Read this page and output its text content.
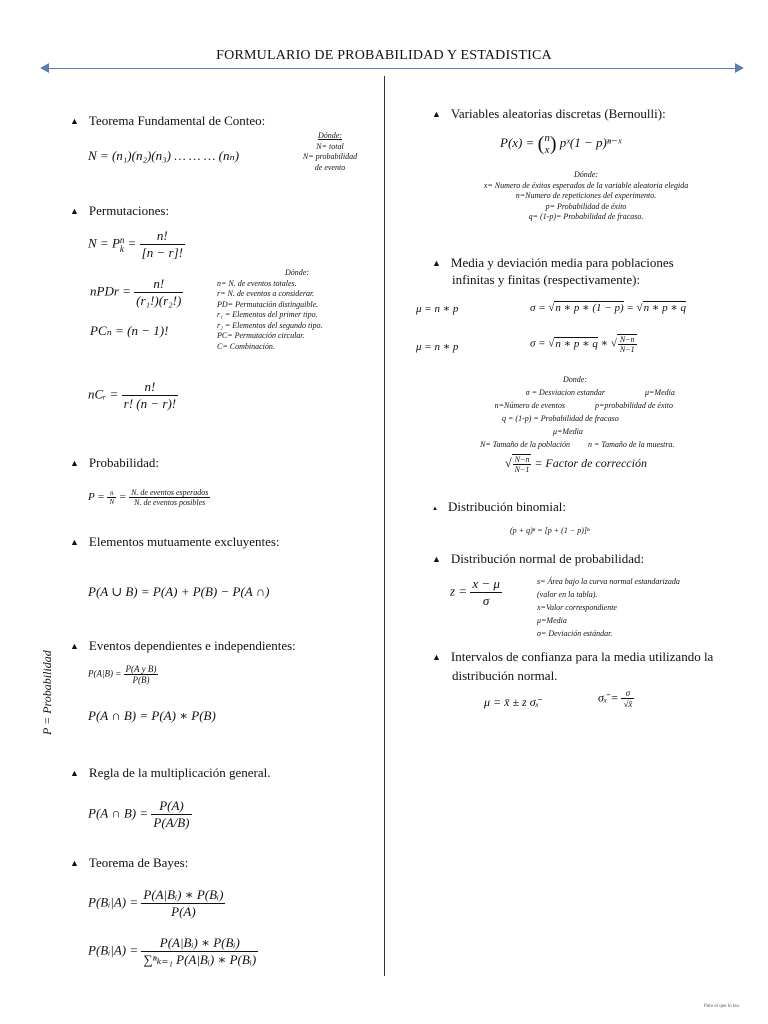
FORMULARIO DE PROBABILIDAD Y ESTADISTICA
▲ Teorema Fundamental de Conteo:
N = (n₁)(n₂)(n₃) … … … (nₙ)
Dónde:
N= total
N= probabilidad
de evento
▲ Permutaciones:
N = P n
$k = \frac{n!}{[n - r]!}$
nPDr = $\frac{n!}{\text{(r₁!)(r₂!)}}$
PCₙ = (n − 1)!
nCᵣ = $\frac{n!}{r! (n - r)!}$
Dónde:
n= N. de eventos totales.
r= N. de eventos a considerar.
PD= Permutación distinguible.
r₁ = Elementos del primer tipo.
r₂ = Elementos del segundo tipo.
PC= Permutación circular.
C= Combinación.
▲ Probabilidad:
$P = \frac{n}{N} = \frac{\text{N. de eventos esperados}}{\text{N. de eventos posibles}}$
▲ Elementos mutuamente excluyentes:
P(A ∪ B) = P(A) + P(B) − P(A ∩)
▲ Eventos dependientes e independientes:
$P(A|B) = \frac{\text{P(A y B)}}{P(B)}$
P(A ∩ B) = P(A) ∗ P(B)
▲ Regla de la multiplicación general.
P(A ∩ $B) = \frac{P(A)}{P(A/B)}$
▲ Teorema de Bayes:
P(Bᵢ|A) = $\frac{\text{P(A|Bᵢ) ∗ P(Bᵢ)}}{P(A)}$
P(Bᵢ|A) = $\frac{\text{P(A|Bᵢ) ∗ P(Bᵢ)}}{\text{∑ⁿₖ₌₁ P(A|Bᵢ) ∗ P(Bᵢ)}}$
P = Probabilidad
▲ Variables aleatorias discretas (Bernoulli):
P(x) = ( n
x ) pˣ(1 − p)ⁿ⁻ˣ
Dónde:
x= Numero de éxitos esperados de la variable aleatoria elegida
n=Numero de repeticiones del experimento.
p= Probabilidad de éxito
q= (1-p)= Probabilidad de fracaso.
▲ Media y deviación media para poblaciones
infinitas y finitas (respectivamente):
μ = n ∗ p	σ = √n ∗ p ∗ (1 − p) = √n ∗ p ∗ q
μ = n ∗ p	σ = √n ∗ p ∗ q ∗ √ $\frac{N-n}{N-1}$
Donde:
σ = Desviacion estandar	μ=Media
n=Número de eventos	p=probabilidad de éxito
q = (1-p) = Probabilidad de fracaso
μ=Media
N= Tamaño de la población n = Tamaño de la muestra.
√ $\frac{N-n}{N-1}$ = Factor de corrección
▲ Distribución binomial:
(p + q)ⁿ = [p + (1 − p)]ⁿ
▲ Distribución normal de probabilidad:
$z = \frac{x - \mu}{\sigma}$	s= Área bajo la curva normal estandarizada
(valor en la tabla).
x=Valor correspondiente
μ=Media
σ= Deviación estándar.
▲ Intervalos de confianza para la media utilizando la
distribución normal.
μ = x̄ ± z σₓ̄	σₓ̄ = $\frac{\sigma}{√x̄}$
Puto el que lo lea
